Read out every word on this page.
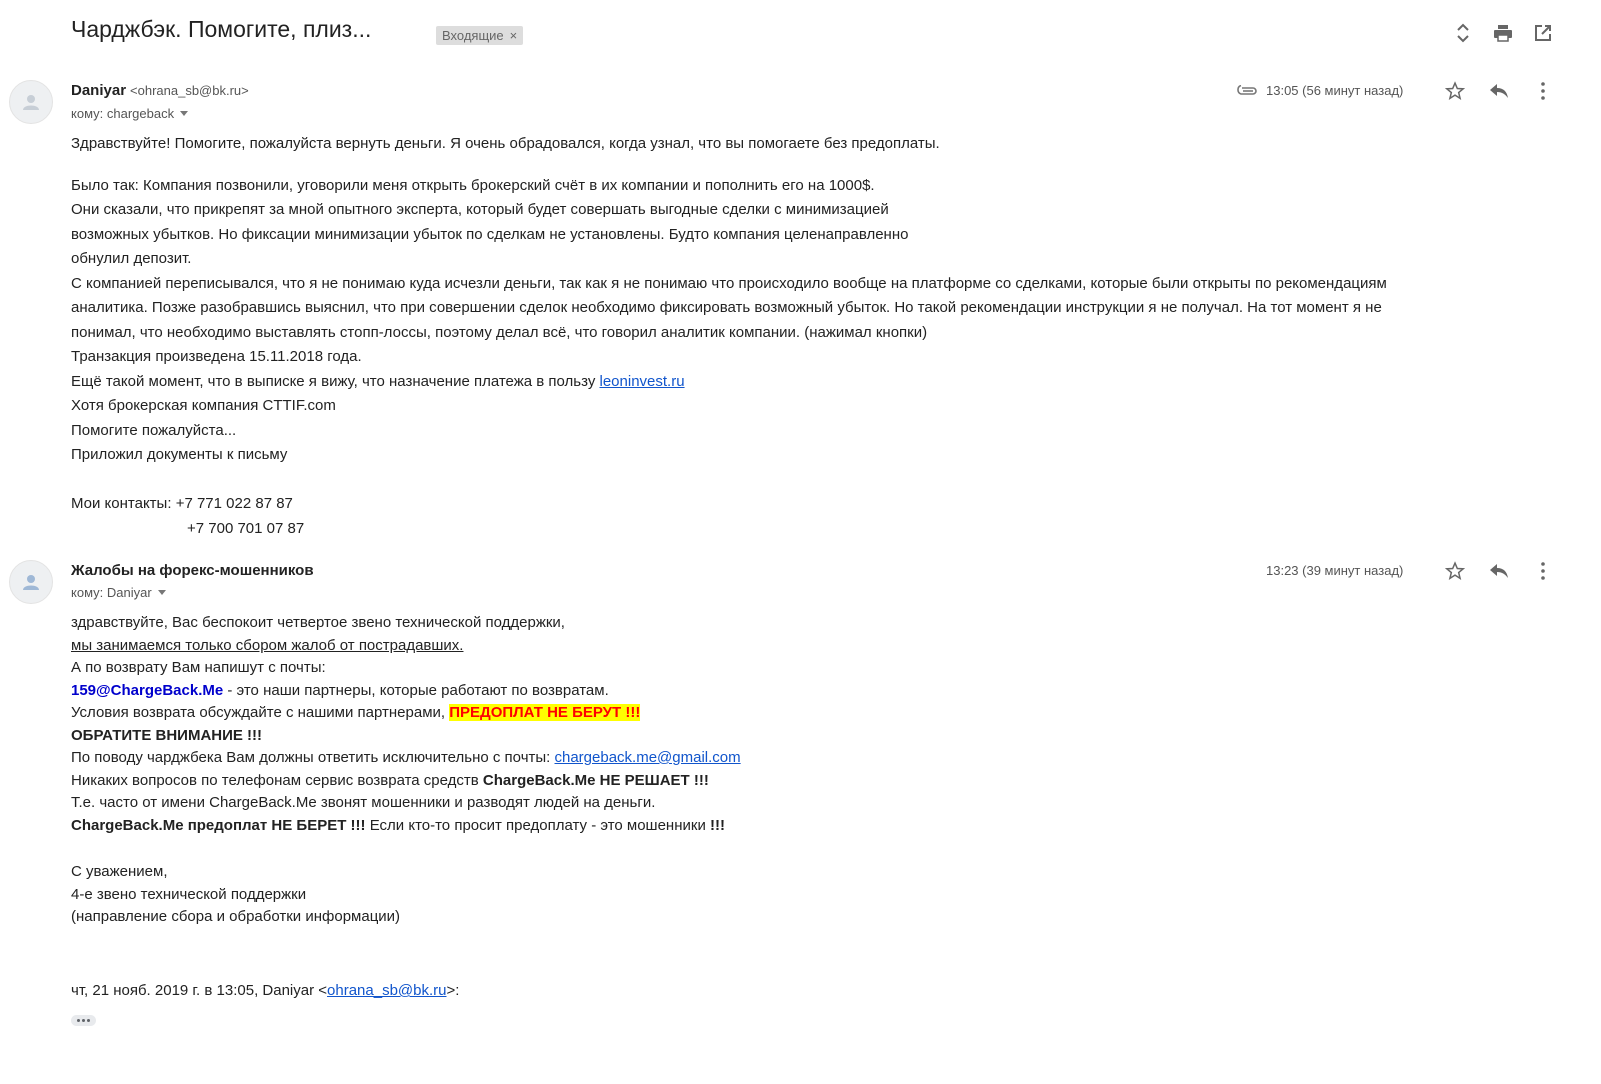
Чарджбэк. Помогите, плиз...	Входящие ×
Daniyar <ohrana_sb@bk.ru>
кому: chargeback
13:05 (56 минут назад)
Здравствуйте! Помогите, пожалуйста вернуть деньги. Я очень обрадовался, когда узнал, что вы помогаете без предоплаты.
Было так: Компания позвонили, уговорили меня открыть брокерский счёт в их компании и пополнить его на 1000$.
Они сказали, что прикрепят за мной опытного эксперта, который будет совершать выгодные сделки с минимизацией
возможных убытков. Но фиксации минимизации убыток по сделкам не установлены. Будто компания целенаправленно
обнулил депозит.
С компанией переписывался, что я не понимаю куда исчезли деньги, так как я не понимаю что происходило вообще на платформе со сделками, которые были открыты по рекомендациям
аналитика. Позже разобравшись выяснил, что при совершении сделок необходимо фиксировать возможный убыток. Но такой рекомендации инструкции я не получал. На тот момент я не
понимал, что необходимо выставлять стопп-лоссы, поэтому делал всё, что говорил аналитик компании. (нажимал кнопки)
Транзакция произведена 15.11.2018 года.
Ещё такой момент, что в выписке я вижу, что назначение платежа в пользу leoninvest.ru
Хотя брокерская компания CTTIF.com
Помогите пожалуйста...
Приложил документы к письму
Мои контакты: +7 771 022 87 87
+7 700 701 07 87
Жалобы на форекс-мошенников
кому: Daniyar
13:23 (39 минут назад)
здравствуйте, Вас беспокоит четвертое звено технической поддержки,
мы занимаемся только сбором жалоб от пострадавших.
А по возврату Вам напишут с почты:
159@ChargeBack.Me - это наши партнеры, которые работают по возвратам.
Условия возврата обсуждайте с нашими партнерами, ПРЕДОПЛАТ НЕ БЕРУТ !!!
ОБРАТИТЕ ВНИМАНИЕ !!!
По поводу чарджбека Вам должны ответить исключительно с почты: chargeback.me@gmail.com
Никаких вопросов по телефонам сервис возврата средств ChargeBack.Me НЕ РЕШАЕТ !!!
Т.е. часто от имени ChargeBack.Me звонят мошенники и разводят людей на деньги.
ChargeBack.Me предоплат НЕ БЕРЕТ !!! Если кто-то просит предоплату - это мошенники !!!
С уважением,
4-е звено технической поддержки
(направление сбора и обработки информации)
чт, 21 нояб. 2019 г. в 13:05, Daniyar <ohrana_sb@bk.ru>:
